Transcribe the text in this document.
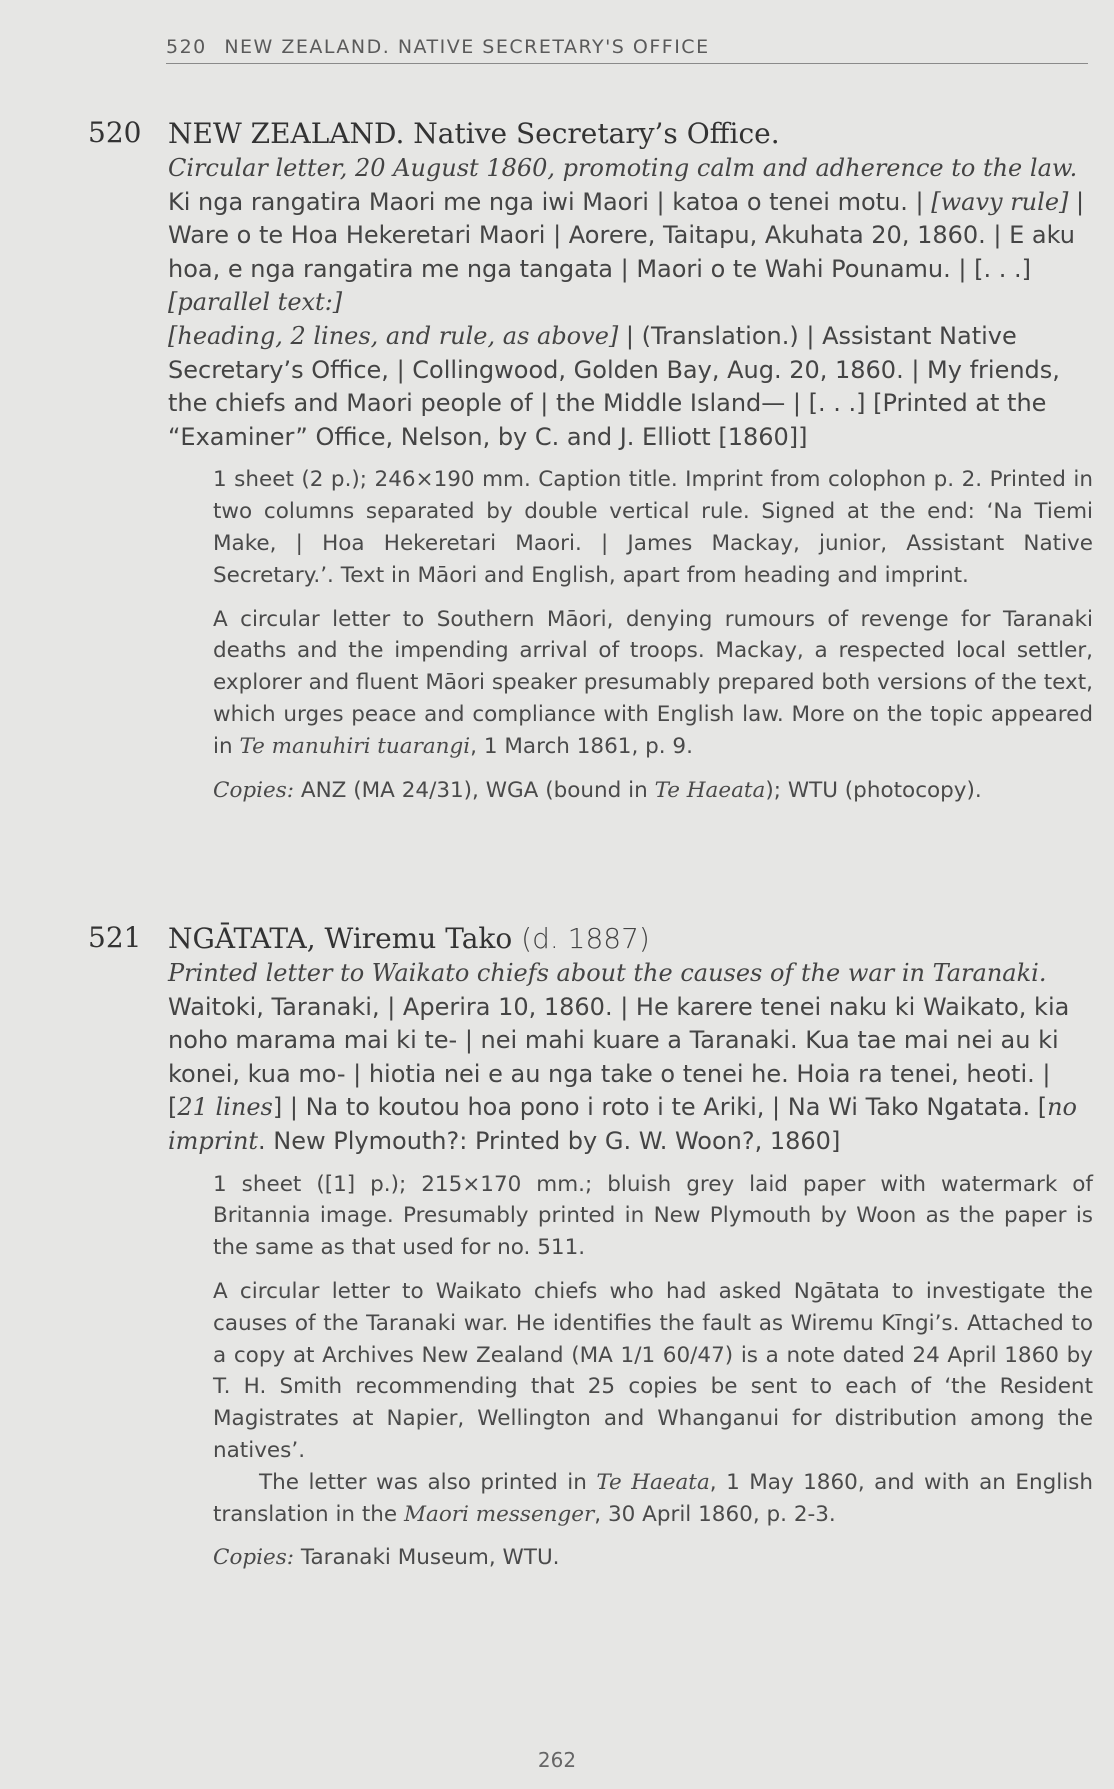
520 NEW ZEALAND. NATIVE SECRETARY'S OFFICE
520 NEW ZEALAND. Native Secretary’s Office.
Circular letter, 20 August 1860, promoting calm and adherence to the law.
Ki nga rangatira Maori me nga iwi Maori | katoa o tenei motu. | [wavy rule] | Ware o te Hoa Hekeretari Maori | Aorere, Taitapu, Akuhata 20, 1860. | E aku hoa, e nga rangatira me nga tangata | Maori o te Wahi Pounamu. | [. . .]
[parallel text:]
[heading, 2 lines, and rule, as above] | (Translation.) | Assistant Native Secretary’s Office, | Collingwood, Golden Bay, Aug. 20, 1860. | My friends, the chiefs and Maori people of | the Middle Island— | [. . .] [Printed at the “Examiner” Office, Nelson, by C. and J. Elliott [1860]]

1 sheet (2 p.); 246×190 mm. Caption title. Imprint from colophon p. 2. Printed in two columns separated by double vertical rule. Signed at the end: ‘Na Tiemi Make, | Hoa Hekeretari Maori. | James Mackay, junior, Assistant Native Secretary.’. Text in Māori and English, apart from heading and imprint.

A circular letter to Southern Māori, denying rumours of revenge for Taranaki deaths and the impending arrival of troops. Mackay, a respected local settler, explorer and fluent Māori speaker presumably prepared both versions of the text, which urges peace and compliance with English law. More on the topic appeared in Te manuhiri tuarangi, 1 March 1861, p. 9.

Copies: ANZ (MA 24/31), WGA (bound in Te Haeata); WTU (photocopy).

521 NGĀTATA, Wiremu Tako (d. 1887)
Printed letter to Waikato chiefs about the causes of the war in Taranaki.
Waitoki, Taranaki, | Aperira 10, 1860. | He karere tenei naku ki Waikato, kia noho marama mai ki te- | nei mahi kuare a Taranaki. Kua tae mai nei au ki konei, kua mo- | hiotia nei e au nga take o tenei he. Hoia ra tenei, heoti. | [21 lines] | Na to koutou hoa pono i roto i te Ariki, | Na Wi Tako Ngatata. [no imprint. New Plymouth?: Printed by G. W. Woon?, 1860]

1 sheet ([1] p.); 215×170 mm.; bluish grey laid paper with watermark of Britannia image. Presumably printed in New Plymouth by Woon as the paper is the same as that used for no. 511.

A circular letter to Waikato chiefs who had asked Ngātata to investigate the causes of the Taranaki war. He identifies the fault as Wiremu Kīngi’s. Attached to a copy at Archives New Zealand (MA 1/1 60/47) is a note dated 24 April 1860 by T. H. Smith recommending that 25 copies be sent to each of ‘the Resident Magistrates at Napier, Wellington and Whanganui for distribution among the natives’.

The letter was also printed in Te Haeata, 1 May 1860, and with an English translation in the Maori messenger, 30 April 1860, p. 2-3.

Copies: Taranaki Museum, WTU.

262
